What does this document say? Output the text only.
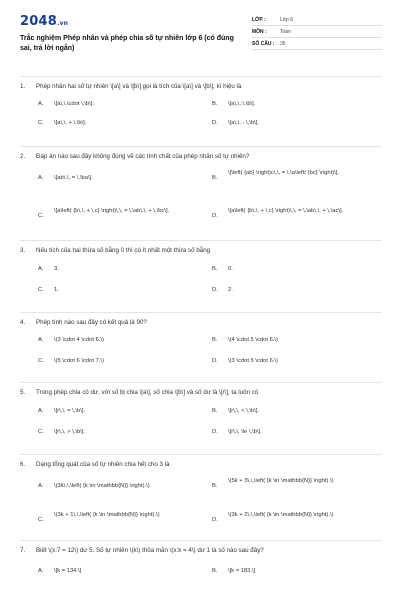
2048.vn
Trắc nghiệm Phép nhân và phép chia số tự nhiên lớp 6 (có đúng sai, trả lời ngắn)
LỚP :	Lớp 6
MÔN :	Toán
SỐ CÂU :	35
1. Phép nhân hai số tự nhiên \[a\] và \[b\] gọi là tích của \[a\] và \[b\], kí hiệu là
A. \[a\,\,\cdot \,\b\].	B. \[a\,\,:\,\b\].
C. \[a\,\, + \,\b\].	D. \[a\,\, - \,\b\].
2. Đáp án nào sau đây không đúng về các tính chất của phép nhân số tự nhiên?
A. \[ab\,\, = \,\ba\].	B.
\[\left( {ab} \right)c\,\, = \,\a\left( {bc} \right)\].
C.
\[a\left( {b\,\, + \,c} \right)\,\, = \,\ab\,\, + \,\bc\].
D.
\[a\left( {b\,\, + \,c} \right)\,\, = \,\ab\,\, + \,\ac\].
3. Nếu tích của hai thừa số bằng 0 thì có ít nhất một thừa số bằng
A. 3.	B. 0.
C. 1.	D. 2.
4. Phép tính nào sau đây có kết quả là 90?
A. \(3 \cdot 4 \cdot 6.\)	B. \(4 \cdot 5 \cdot 6.\)
C. \(5 \cdot 6 \cdot 7.\)	D. \(3 \cdot 5 \cdot 6.\)
5. Trong phép chia có dư, với số bị chia \[a\], số chia \[b\] và số dư là \[r\], ta luôn có
A. \[r\,\, = \,\b\].	B. \[r\,\, < \,\b\].
C. \[r\,\, > \,\b\].	D. \[r\,\, \le \,\b\].
6. Dạng tổng quát của số tự nhiên chia hết cho 3 là
A. \(3k\,\,\left( {k \in \mathbb{N}} \right).\)	B.
\(5k + 3\,\,\left( {k \in \mathbb{N}} \right).\)
C.
\(3k + 1\,\,\left( {k \in \mathbb{N}} \right).\)
D.
\(3k + 2\,\,\left( {k \in \mathbb{N}} \right).\)
7. Biết \(x:7 = 12\) dư 5. Số tự nhiên \(k\) thỏa mãn \(x:k = 4\) dư 1 là số nào sau đây?
A. \[k = 134.\]	B. \[k = 183.\]
